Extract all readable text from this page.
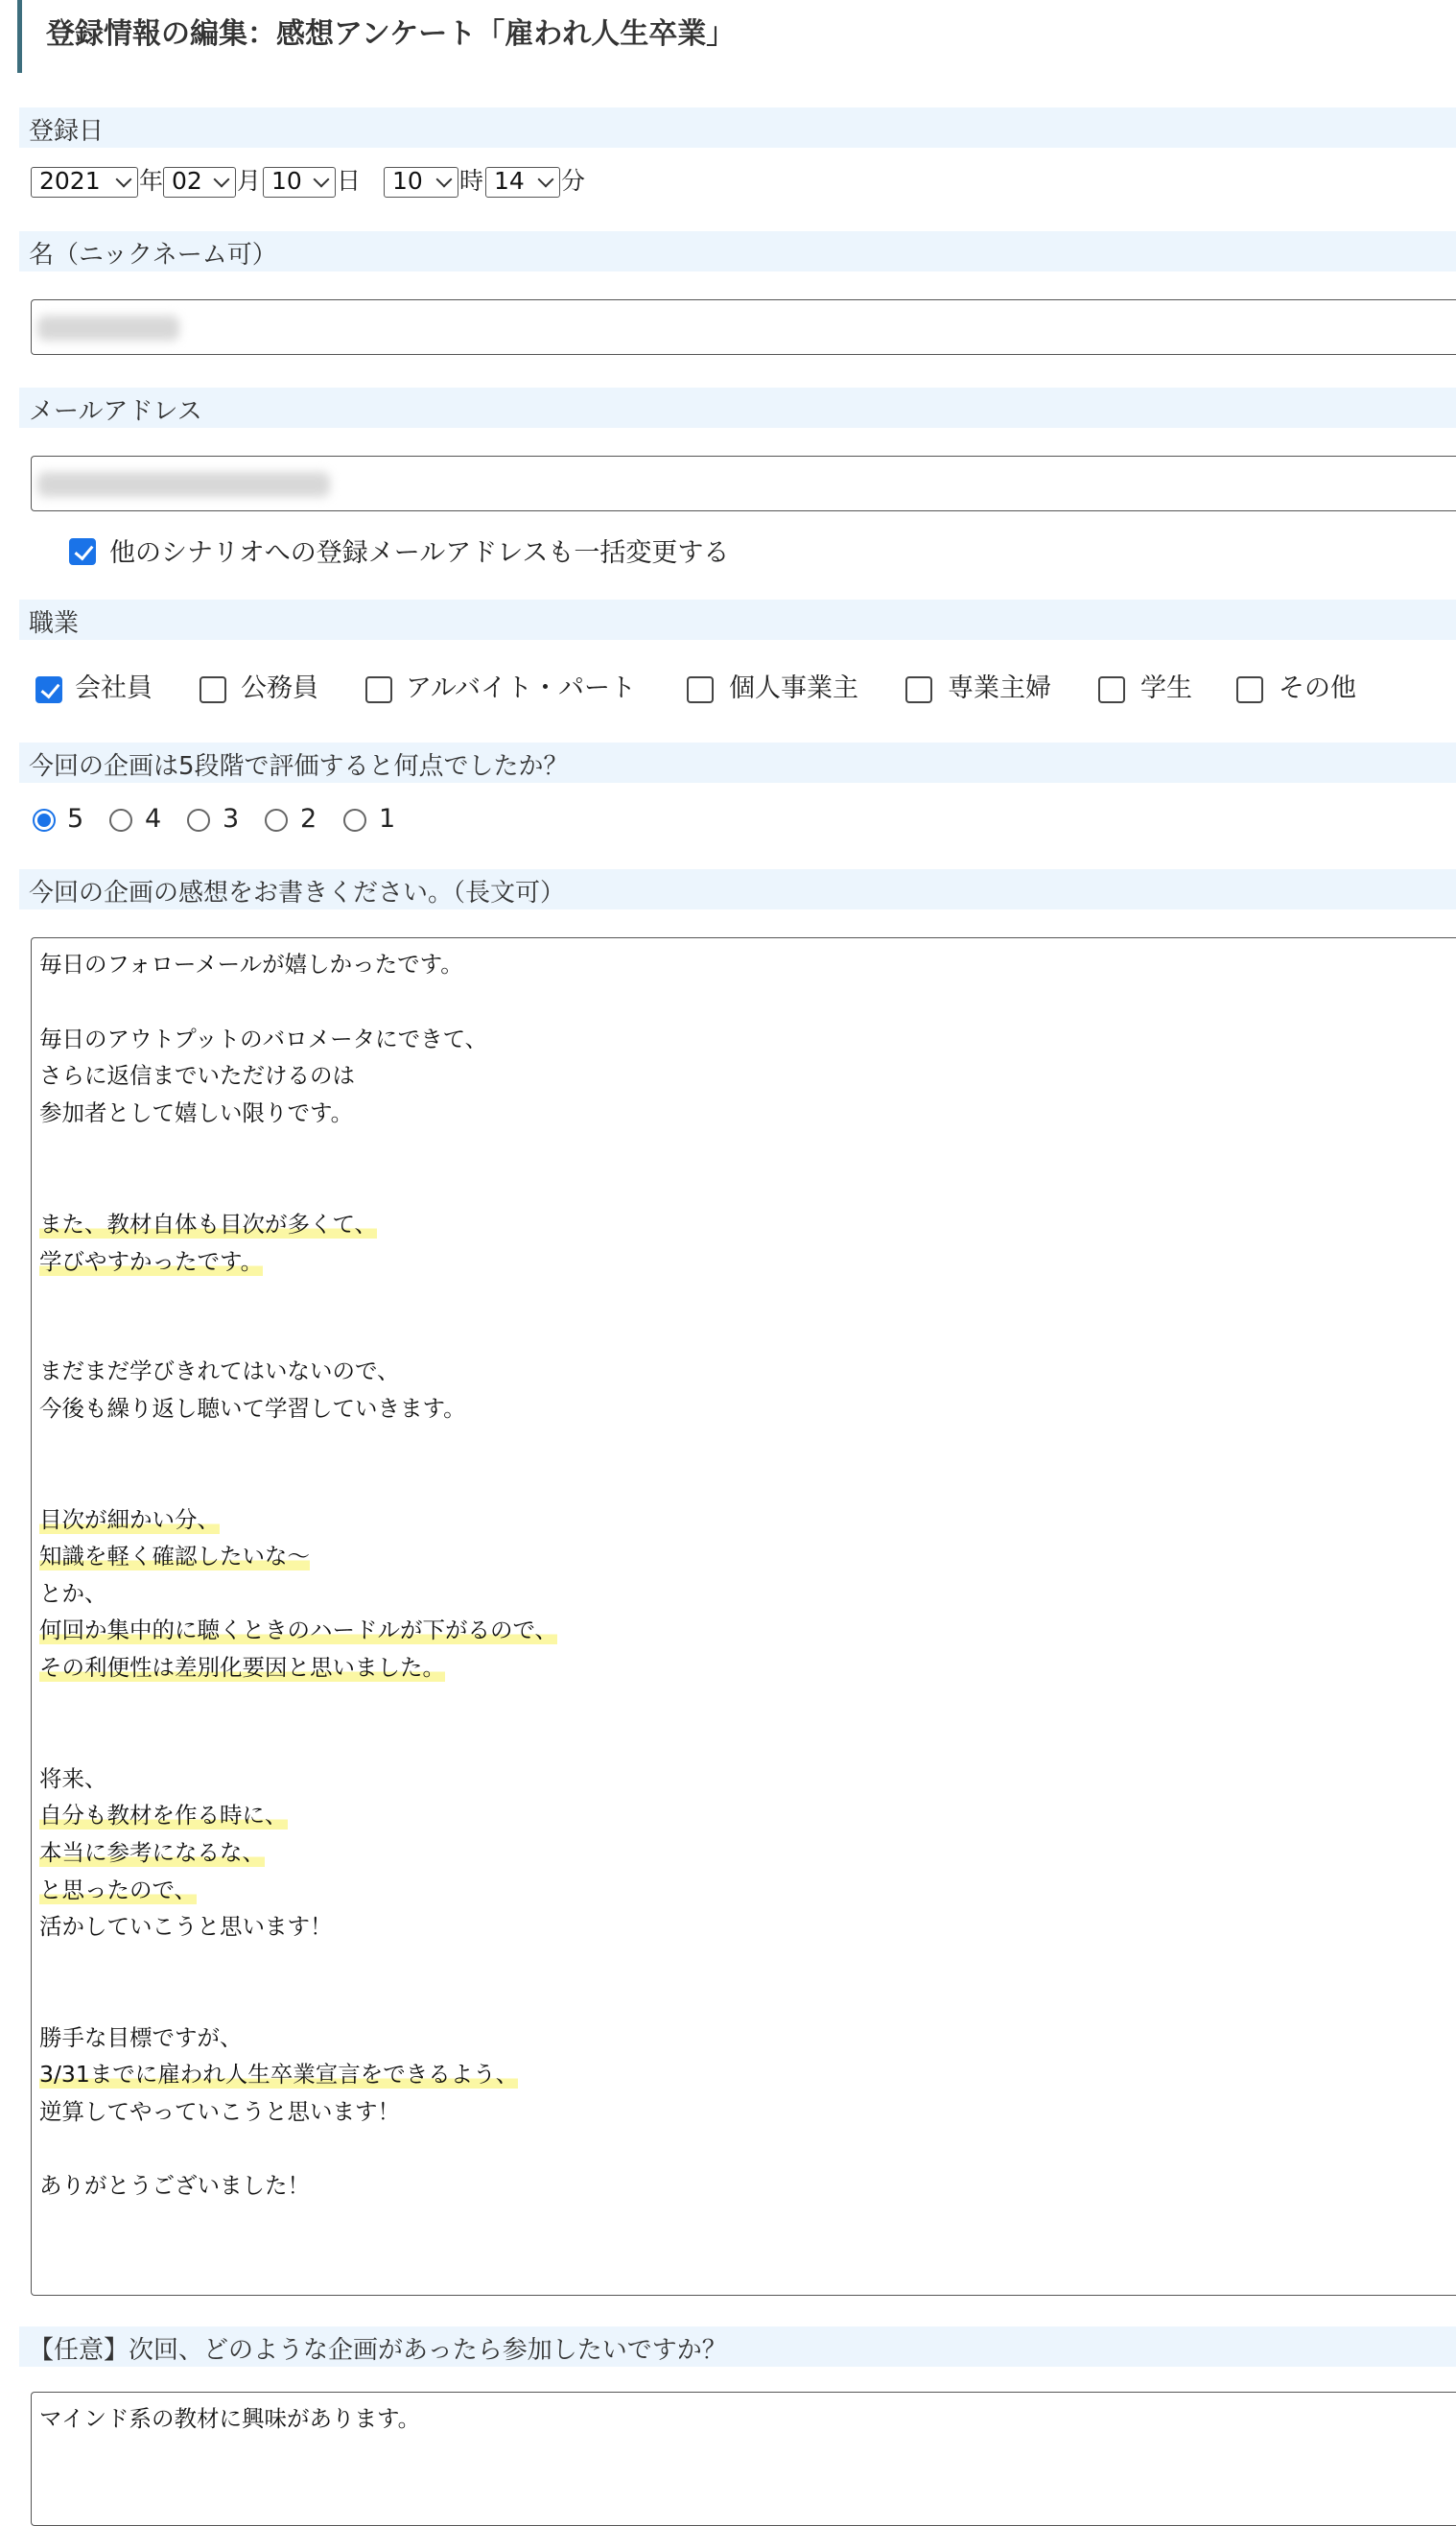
登録情報の編集：感想アンケート「雇われ人生卒業」
登録日
2021	年 02	月 10	日	10	時 14	分
名（ニックネーム可）
メールアドレス
他のシナリオへの登録メールアドレスも一括変更する
職業
会社員	公務員	アルバイト・パート	個人事業主	専業主婦	学生	その他
今回の企画は5段階で評価すると何点でしたか？
5 4 3 2 1
今回の企画の感想をお書きください。（長文可）
毎日のフォローメールが嬉しかったです。
毎日のアウトプットのバロメータにできて、
さらに返信までいただけるのは
参加者として嬉しい限りです。
また、教材自体も目次が多くて、
学びやすかったです。
まだまだ学びきれてはいないので、
今後も繰り返し聴いて学習していきます。
目次が細かい分、
知識を軽く確認したいな〜
とか、
何回か集中的に聴くときのハードルが下がるので、
その利便性は差別化要因と思いました。
将来、
自分も教材を作る時に、
本当に参考になるな、
と思ったので、
活かしていこうと思います！
勝手な目標ですが、
3/31までに雇われ人生卒業宣言をできるよう、
逆算してやっていこうと思います！
ありがとうございました！
【任意】次回、どのような企画があったら参加したいですか？
マインド系の教材に興味があります。
